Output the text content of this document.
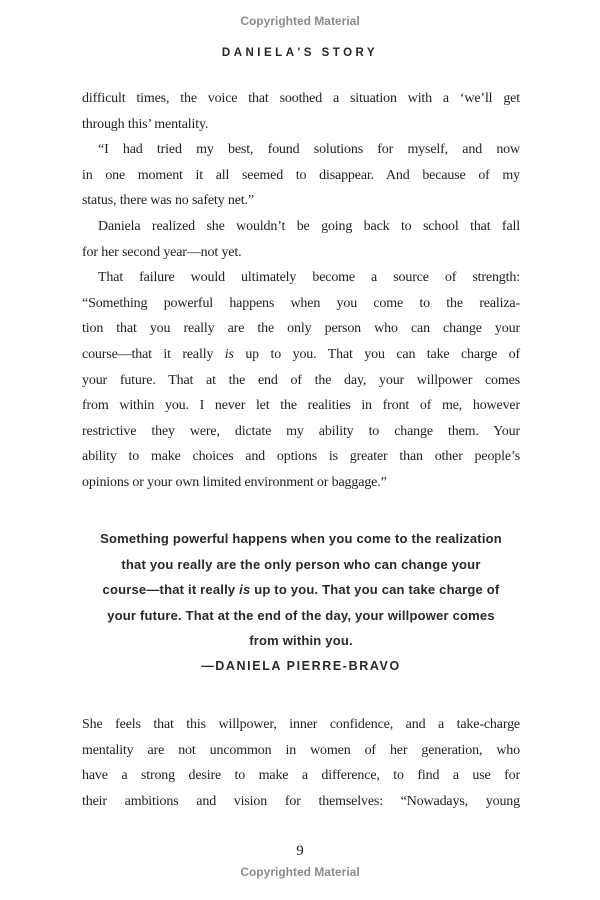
Copyrighted Material
DANIELA'S STORY
difficult times, the voice that soothed a situation with a ‘we’ll get
through this’ mentality.
“I had tried my best, found solutions for myself, and now
in one moment it all seemed to disappear. And because of my
status, there was no safety net.”
Daniela realized she wouldn’t be going back to school that fall
for her second year—not yet.
That failure would ultimately become a source of strength:
“Something powerful happens when you come to the realiza-
tion that you really are the only person who can change your
course—that it really is up to you. That you can take charge of
your future. That at the end of the day, your willpower comes
from within you. I never let the realities in front of me, however
restrictive they were, dictate my ability to change them. Your
ability to make choices and options is greater than other people’s
opinions or your own limited environment or baggage.”
Something powerful happens when you come to the realization
that you really are the only person who can change your
course—that it really is up to you. That you can take charge of
your future. That at the end of the day, your willpower comes
from within you.
—DANIELA PIERRE-BRAVO
She feels that this willpower, inner confidence, and a take-charge
mentality are not uncommon in women of her generation, who
have a strong desire to make a difference, to find a use for
their ambitions and vision for themselves: “Nowadays, young
9
Copyrighted Material
